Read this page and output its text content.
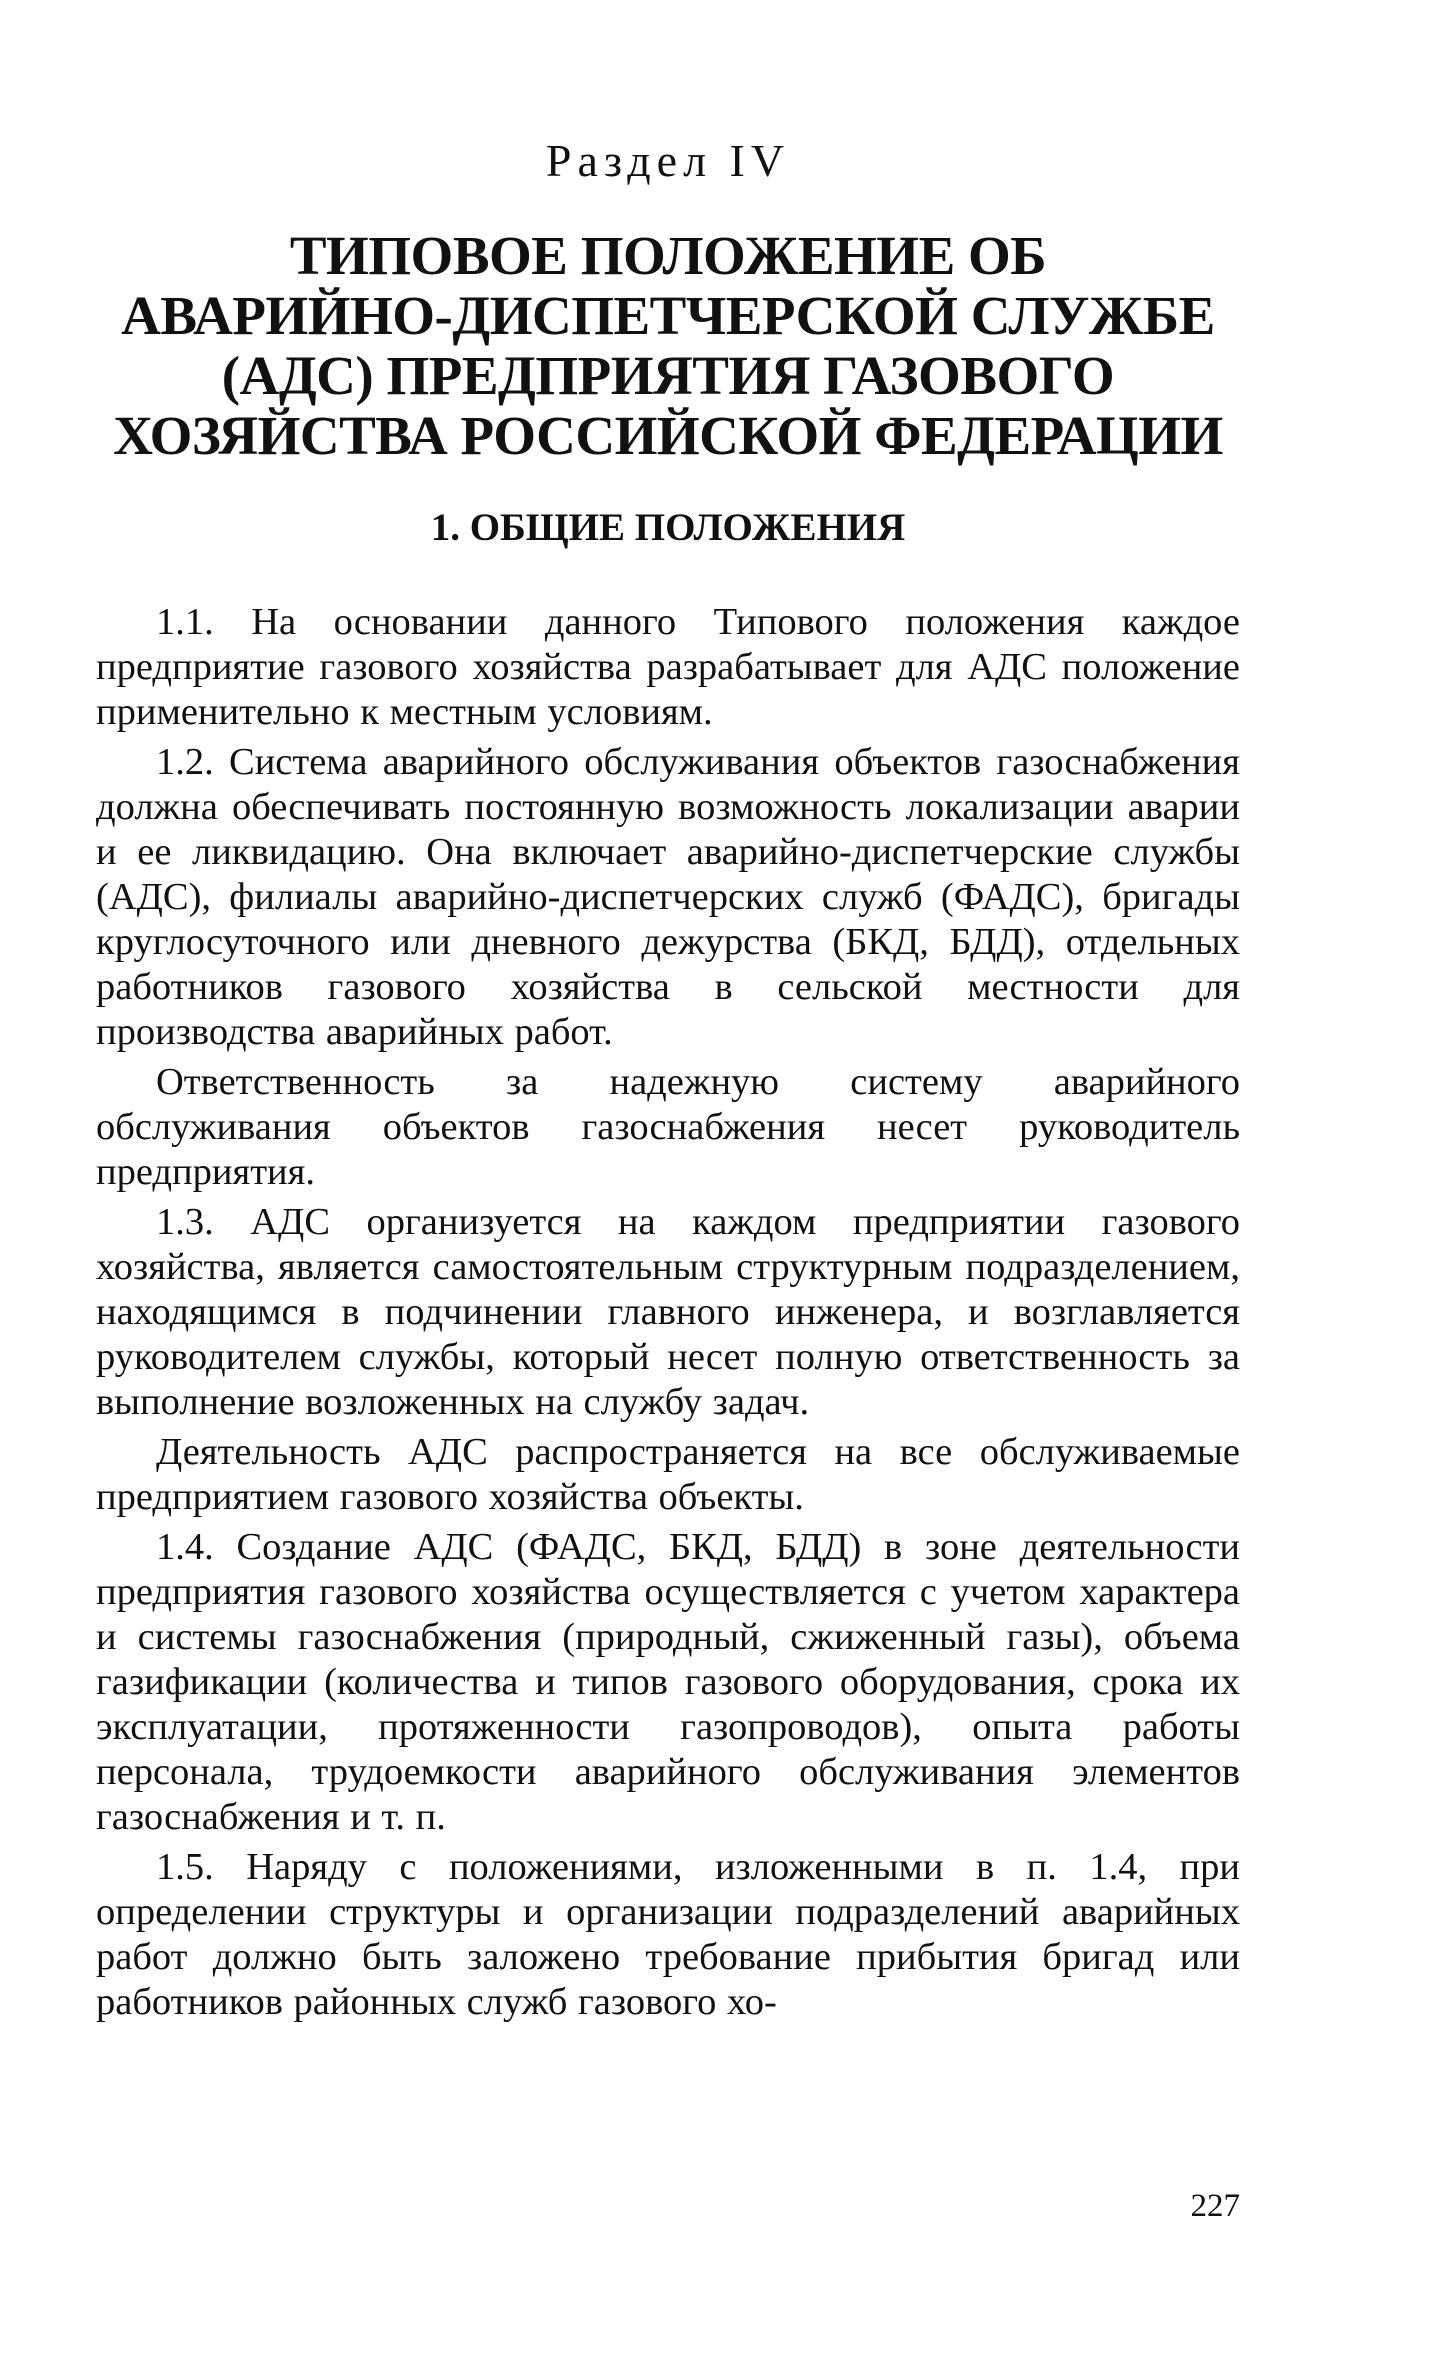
Раздел IV
ТИПОВОЕ ПОЛОЖЕНИЕ ОБ
АВАРИЙНО-ДИСПЕТЧЕРСКОЙ СЛУЖБЕ
(АДС) ПРЕДПРИЯТИЯ ГАЗОВОГО
ХОЗЯЙСТВА РОССИЙСКОЙ ФЕДЕРАЦИИ
1. ОБЩИЕ ПОЛОЖЕНИЯ

1.1. На основании данного Типового положения каждое предприятие газового хозяйства разрабатывает для АДС положение применительно к местным условиям.

1.2. Система аварийного обслуживания объектов газоснабжения должна обеспечивать постоянную возможность локализации аварии и ее ликвидацию. Она включает аварийно-диспетчерские службы (АДС), филиалы аварийно-диспетчерских служб (ФАДС), бригады круглосуточного или дневного дежурства (БКД, БДД), отдельных работников газового хозяйства в сельской местности для производства аварийных работ.

Ответственность за надежную систему аварийного обслуживания объектов газоснабжения несет руководитель предприятия.

1.3. АДС организуется на каждом предприятии газового хозяйства, является самостоятельным структурным подразделением, находящимся в подчинении главного инженера, и возглавляется руководителем службы, который несет полную ответственность за выполнение возложенных на службу задач.

Деятельность АДС распространяется на все обслуживаемые предприятием газового хозяйства объекты.

1.4. Создание АДС (ФАДС, БКД, БДД) в зоне деятельности предприятия газового хозяйства осуществляется с учетом характера и системы газоснабжения (природный, сжиженный газы), объема газификации (количества и типов газового оборудования, срока их эксплуатации, протяженности газопроводов), опыта работы персонала, трудоемкости аварийного обслуживания элементов газоснабжения и т. п.

1.5. Наряду с положениями, изложенными в п. 1.4, при определении структуры и организации подразделений аварийных работ должно быть заложено требование прибытия бригад или работников районных служб газового хо-

227
